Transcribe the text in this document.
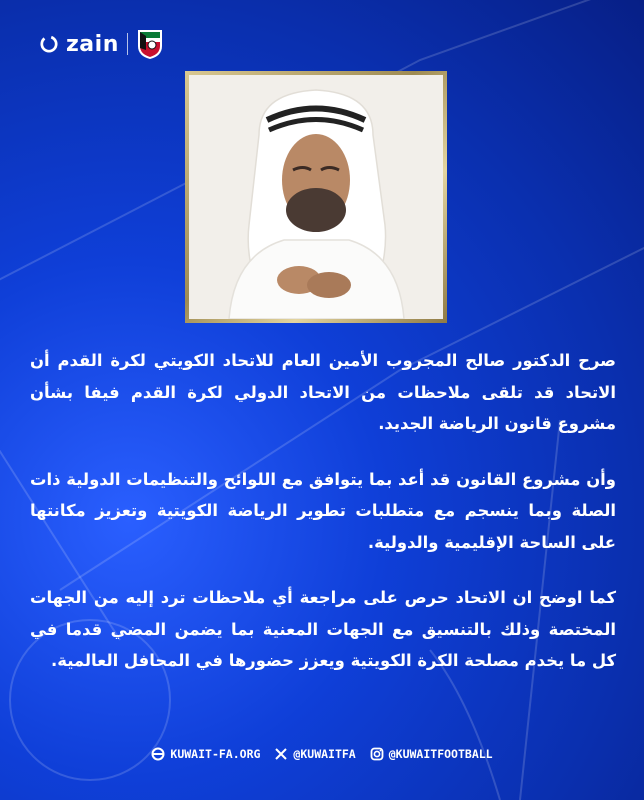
zain

صرح الدكتور صالح المجروب الأمين العام للاتحاد الكويتي لكرة القدم أن الاتحاد قد تلقى ملاحظات من الاتحاد الدولي لكرة القدم فيفا بشأن مشروع قانون الرياضة الجديد.

وأن مشروع القانون قد أعد بما يتوافق مع اللوائح والتنظيمات الدولية ذات الصلة وبما ينسجم مع متطلبات تطوير الرياضة الكويتية وتعزيز مكانتها على الساحة الإقليمية والدولية.

كما اوضح ان الاتحاد حرص على مراجعة أي ملاحظات ترد إليه من الجهات المختصة وذلك بالتنسيق مع الجهات المعنية بما يضمن المضي قدما في كل ما يخدم مصلحة الكرة الكويتية ويعزز حضورها في المحافل العالمية.

KUWAIT-FA.ORG	@KUWAITFA	@KUWAITFOOTBALL
